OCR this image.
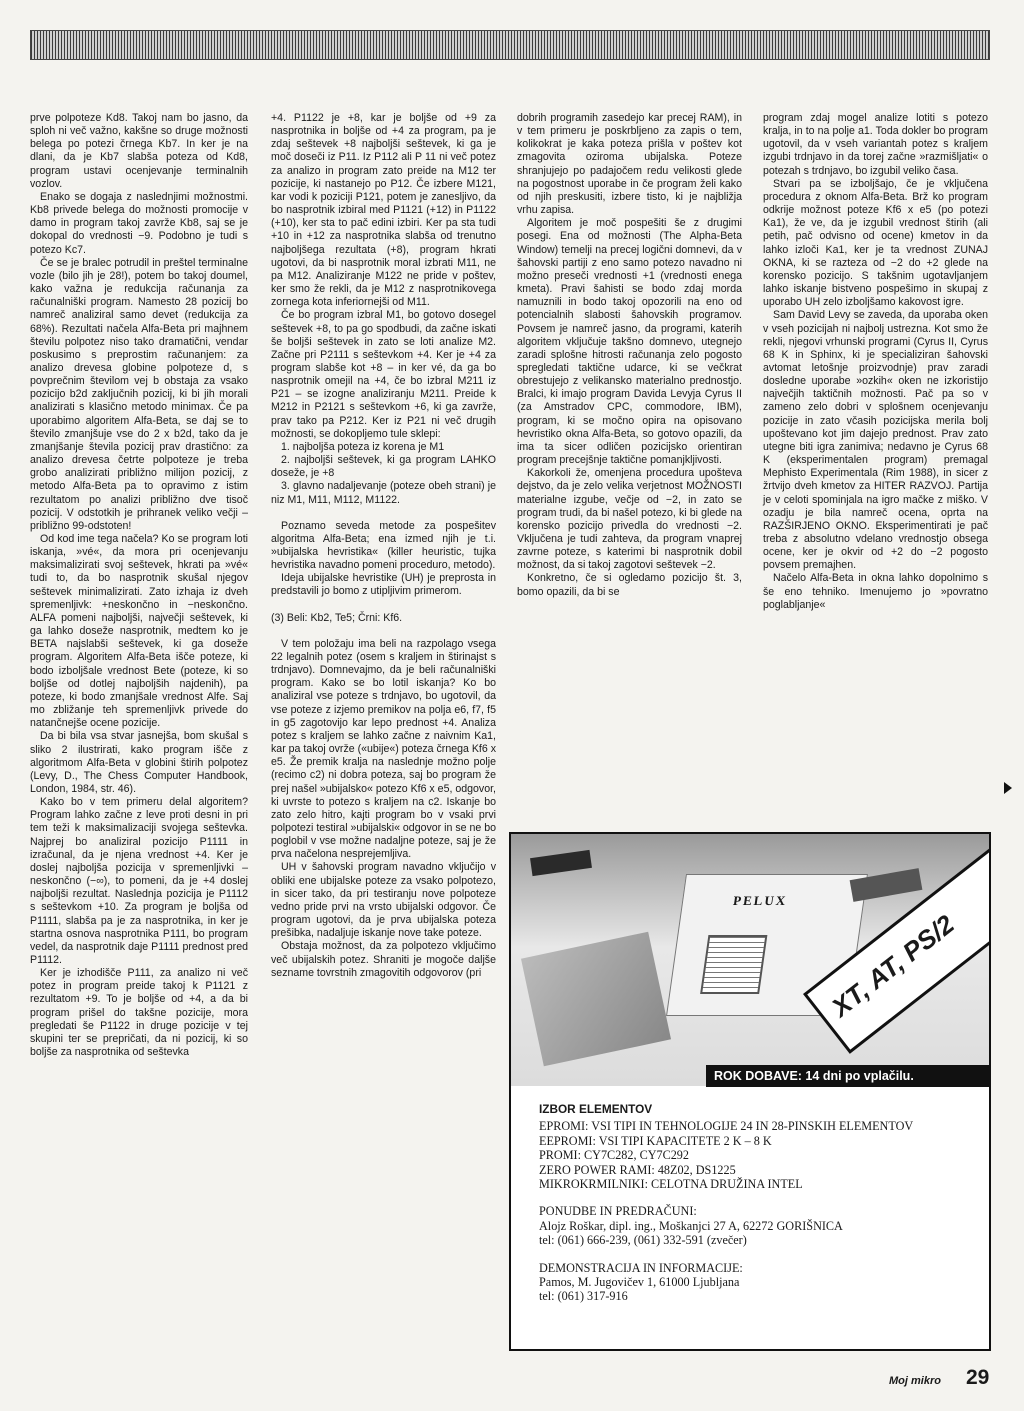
prve polpoteze Kd8. Takoj nam bo jasno, da sploh ni več važno, kakšne so druge možnosti belega po potezi črnega Kb7. In ker je na dlani, da je Kb7 slabša poteza od Kd8, program ustavi ocenjevanje terminalnih vozlov.

Enako se dogaja z naslednjimi možnostmi. Kb8 privede belega do možnosti promocije v damo in program takoj zavrže Kb8, saj se je dokopal do vrednosti −9. Podobno je tudi s potezo Kc7.

Če se je bralec potrudil in preštel terminalne vozle (bilo jih je 28!), potem bo takoj doumel, kako važna je redukcija računanja za računalniški program. Namesto 28 pozicij bo namreč analiziral samo devet (redukcija za 68%). Rezultati načela Alfa-Beta pri majhnem številu polpotez niso tako dramatični, vendar poskusimo s preprostim računanjem: za analizo drevesa globine polpoteze d, s povprečnim številom vej b obstaja za vsako pozicijo b2d zaključnih pozicij, ki bi jih morali analizirati s klasično metodo minimax. Če pa uporabimo algoritem Alfa-Beta, se daj se to število zmanjšuje vse do 2 x b2d, tako da je zmanjšanje števila pozicij prav drastično: za analizo drevesa četrte polpoteze je treba grobo analizirati približno milijon pozicij, z metodo Alfa-Beta pa to opravimo z istim rezultatom po analizi približno dve tisoč pozicij. V odstotkih je prihranek veliko večji – približno 99-odstoten!

Od kod ime tega načela? Ko se program loti iskanja, »vé«, da mora pri ocenjevanju maksimalizirati svoj seštevek, hkrati pa »vé« tudi to, da bo nasprotnik skušal njegov seštevek minimalizirati. Zato izhaja iz dveh spremenljivk: +neskončno in −neskončno. ALFA pomeni najboljši, največji seštevek, ki ga lahko doseže nasprotnik, medtem ko je BETA najslabši seštevek, ki ga doseže program. Algoritem Alfa-Beta išče poteze, ki bodo izboljšale vrednost Bete (poteze, ki so boljše od dotlej najboljših najdenih), pa poteze, ki bodo zmanjšale vrednost Alfe. Saj mo zbližanje teh spremenljivk privede do natančnejše ocene pozicije.

Da bi bila vsa stvar jasnejša, bom skušal s sliko 2 ilustrirati, kako program išče z algoritmom Alfa-Beta v globini štirih polpotez (Levy, D., The Chess Computer Handbook, London, 1984, str. 46).

Kako bo v tem primeru delal algoritem? Program lahko začne z leve proti desni in pri tem teži k maksimalizaciji svojega seštevka. Najprej bo analiziral pozicijo P1111 in izračunal, da je njena vrednost +4. Ker je doslej najboljša pozicija v spremenljivki – neskončno (−∞), to pomeni, da je +4 doslej najboljši rezultat. Naslednja pozicija je P1112 s seštevkom +10. Za program je boljša od P1111, slabša pa je za nasprotnika, in ker je startna osnova nasprotnika P111, bo program vedel, da nasprotnik daje P1111 prednost pred P1112.

Ker je izhodišče P111, za analizo ni več potez in program preide takoj k P1121 z rezultatom +9. To je boljše od +4, a da bi program prišel do takšne pozicije, mora pregledati še P1122 in druge pozicije v tej skupini ter se prepričati, da ni pozicij, ki so boljše za nasprotnika od seštevka

+4. P1122 je +8, kar je boljše od +9 za nasprotnika in boljše od +4 za program, pa je zdaj seštevek +8 najboljši seštevek, ki ga je moč doseči iz P11. Iz P112 ali P 11 ni več potez za analizo in program zato preide na M12 ter pozicije, ki nastanejo po P12. Če izbere M121, kar vodi k poziciji P121, potem je zanesljivo, da bo nasprotnik izbiral med P1121 (+12) in P1122 (+10), ker sta to pač edini izbiri. Ker pa sta tudi +10 in +12 za nasprotnika slabša od trenutno najboljšega rezultata (+8), program hkrati ugotovi, da bi nasprotnik moral izbrati M11, ne pa M12. Analiziranje M122 ne pride v poštev, ker smo že rekli, da je M12 z nasprotnikovega zornega kota inferiornejši od M11.

Če bo program izbral M1, bo gotovo dosegel seštevek +8, to pa go spodbudi, da začne iskati še boljši seštevek in zato se loti analize M2. Začne pri P2111 s seštevkom +4. Ker je +4 za program slabše kot +8 – in ker vé, da ga bo nasprotnik omejil na +4, če bo izbral M211 iz P21 – se izogne analiziranju M211. Preide k M212 in P2121 s seštevkom +6, ki ga zavrže, prav tako pa P212. Ker iz P21 ni več drugih možnosti, se dokopljemo tule sklepi:

1. najboljša poteza iz korena je M1

2. najboljši seštevek, ki ga program LAHKO doseže, je +8

3. glavno nadaljevanje (poteze obeh strani) je niz M1, M11, M112, M1122.

Poznamo seveda metode za pospešitev algoritma Alfa-Beta; ena izmed njih je t.i. »ubijalska hevristika« (killer heuristic, tujka hevristika navadno pomeni proceduro, metodo).

Ideja ubijalske hevristike (UH) je preprosta in predstavili jo bomo z utipljivim primerom.

(3) Beli: Kb2, Te5; Črni: Kf6.

V tem položaju ima beli na razpolago vsega 22 legalnih potez (osem s kraljem in štirinajst s trdnjavo). Domnevajmo, da je beli računalniški program. Kako se bo lotil iskanja? Ko bo analiziral vse poteze s trdnjavo, bo ugotovil, da vse poteze z izjemo premikov na polja e6, f7, f5 in g5 zagotovijo kar lepo prednost +4. Analiza potez s kraljem se lahko začne z naivnim Ka1, kar pa takoj ovrže («ubije«) poteza črnega Kf6 x e5. Že premik kralja na naslednje možno polje (recimo c2) ni dobra poteza, saj bo program že prej našel »ubijalsko« potezo Kf6 x e5, odgovor, ki uvrste to potezo s kraljem na c2. Iskanje bo zato zelo hitro, kajti program bo v vsaki prvi polpotezi testiral »ubijalski« odgovor in se ne bo poglobil v vse možne nadaljne poteze, saj je že prva načelona nesprejemljiva.

UH v šahovski program navadno vključijo v obliki ene ubijalske poteze za vsako polpotezo, in sicer tako, da pri testiranju nove polpoteze vedno pride prvi na vrsto ubijalski odgovor. Če program ugotovi, da je prva ubijalska poteza prešibka, nadaljuje iskanje nove take poteze.

Obstaja možnost, da za polpotezo vključimo več ubijalskih potez. Shraniti je mogoče daljše sezname tovrstnih zmagovitih odgovorov (pri

dobrih programih zasedejo kar precej RAM), in v tem primeru je poskrbljeno za zapis o tem, kolikokrat je kaka poteza prišla v poštev kot zmagovita oziroma ubijalska. Poteze shranjujejo po padajočem redu velikosti glede na pogostnost uporabe in če program želi kako od njih preskusiti, izbere tisto, ki je najbližja vrhu zapisa.

Algoritem je moč pospešiti še z drugimi posegi. Ena od možnosti (The Alpha-Beta Window) temelji na precej logični domnevi, da v šahovski partiji z eno samo potezo navadno ni možno preseči vrednosti +1 (vrednosti enega kmeta). Pravi šahisti se bodo zdaj morda namuznili in bodo takoj opozorili na eno od potencialnih slabosti šahovskih programov. Povsem je namreč jasno, da programi, katerih algoritem vključuje takšno domnevo, utegnejo zaradi splošne hitrosti računanja zelo pogosto spregledati taktične udarce, ki se večkrat obrestujejo z velikansko materialno prednostjo. Bralci, ki imajo program Davida Levyja Cyrus II (za Amstradov CPC, commodore, IBM), program, ki se močno opira na opisovano hevristiko okna Alfa-Beta, so gotovo opazili, da ima ta sicer odličen pozicijsko orientiran program precejšnje taktične pomanjkljivosti.

Kakorkoli že, omenjena procedura upošteva dejstvo, da je zelo velika verjetnost MOŽNOSTI materialne izgube, večje od −2, in zato se program trudi, da bi našel potezo, ki bi glede na korensko pozicijo privedla do vrednosti −2. Vključena je tudi zahteva, da program vnaprej zavrne poteze, s katerimi bi nasprotnik dobil možnost, da si takoj zagotovi seštevek −2.

Konkretno, če si ogledamo pozicijo št. 3, bomo opazili, da bi se

program zdaj mogel analize lotiti s potezo kralja, in to na polje a1. Toda dokler bo program ugotovil, da v vseh variantah potez s kraljem izgubi trdnjavo in da torej začne »razmišljati« o potezah s trdnjavo, bo izgubil veliko časa.

Stvari pa se izboljšajo, če je vključena procedura z oknom Alfa-Beta. Brž ko program odkrije možnost poteze Kf6 x e5 (po potezi Ka1), že ve, da je izgubil vrednost štirih (ali petih, pač odvisno od ocene) kmetov in da lahko izloči Ka1, ker je ta vrednost ZUNAJ OKNA, ki se razteza od −2 do +2 glede na korensko pozicijo. S takšnim ugotavljanjem lahko iskanje bistveno pospešimo in skupaj z uporabo UH zelo izboljšamo kakovost igre.

Sam David Levy se zaveda, da uporaba oken v vseh pozicijah ni najbolj ustrezna. Kot smo že rekli, njegovi vrhunski programi (Cyrus II, Cyrus 68 K in Sphinx, ki je specializiran šahovski avtomat letošnje proizvodnje) prav zaradi dosledne uporabe »ozkih« oken ne izkoristijo največjih taktičnih možnosti. Pač pa so v zameno zelo dobri v splošnem ocenjevanju pozicije in zato včasih pozicijska merila bolj upoštevano kot jim dajejo prednost. Prav zato utegne biti igra zanimiva; nedavno je Cyrus 68 K (eksperimentalen program) premagal Mephisto Experimentala (Rim 1988), in sicer z žrtvijo dveh kmetov za HITER RAZVOJ. Partija je v celoti spominjala na igro mačke z miško. V ozadju je bila namreč ocena, oprta na RAZŠIRJENO OKNO. Eksperimentirati je pač treba z absolutno vdelano vrednostjo obsega ocene, ker je okvir od +2 do −2 pogosto povsem premajhen.

Načelo Alfa-Beta in okna lahko dopolnimo s še eno tehniko. Imenujemo jo »povratno poglabljanje«

PELUX
XT, AT, PS/2
ROK DOBAVE: 14 dni po vplačilu.
IZBOR ELEMENTOV
EPROMI: VSI TIPI IN TEHNOLOGIJE 24 IN 28-PINSKIH ELEMENTOV
EEPROMI: VSI TIPI KAPACITETE 2 K – 8 K
PROMI: CY7C282, CY7C292
ZERO POWER RAMI: 48Z02, DS1225
MIKROKRMILNIKI: CELOTNA DRUŽINA INTEL
PONUDBE IN PREDRAČUNI:
Alojz Roškar, dipl. ing., Moškanjci 27 A, 62272 GORIŠNICA
tel: (061) 666-239, (061) 332-591 (zvečer)
DEMONSTRACIJA IN INFORMACIJE:
Pamos, M. Jugovičev 1, 61000 Ljubljana
tel: (061) 317-916
Moj mikro 29
